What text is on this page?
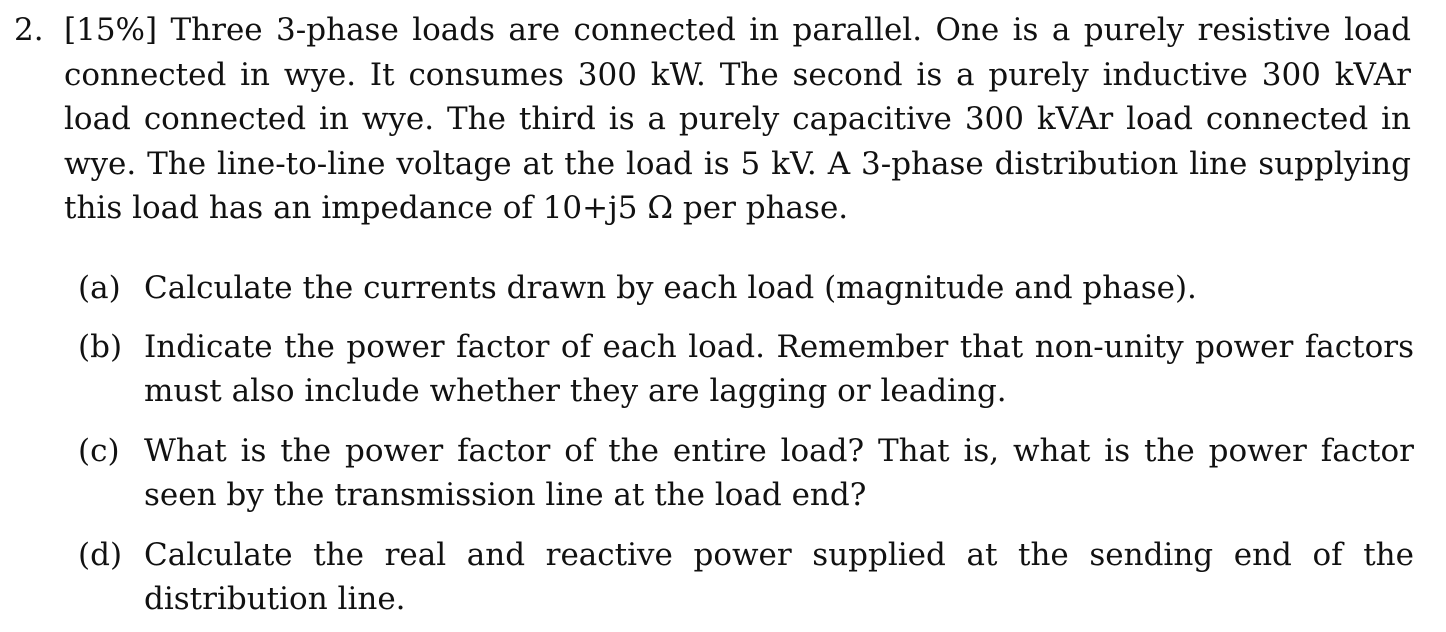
2. [15%] Three 3-phase loads are connected in parallel. One is a purely resistive load connected in wye. It consumes 300 kW. The second is a purely inductive 300 kVAr load connected in wye. The third is a purely capacitive 300 kVAr load connected in wye. The line-to-line voltage at the load is 5 kV. A 3-phase distribution line supplying this load has an impedance of 10+j5 Ω per phase.
(a) Calculate the currents drawn by each load (magnitude and phase).
(b) Indicate the power factor of each load. Remember that non-unity power factors must also include whether they are lagging or leading.
(c) What is the power factor of the entire load? That is, what is the power factor seen by the transmission line at the load end?
(d) Calculate the real and reactive power supplied at the sending end of the distribution line.
